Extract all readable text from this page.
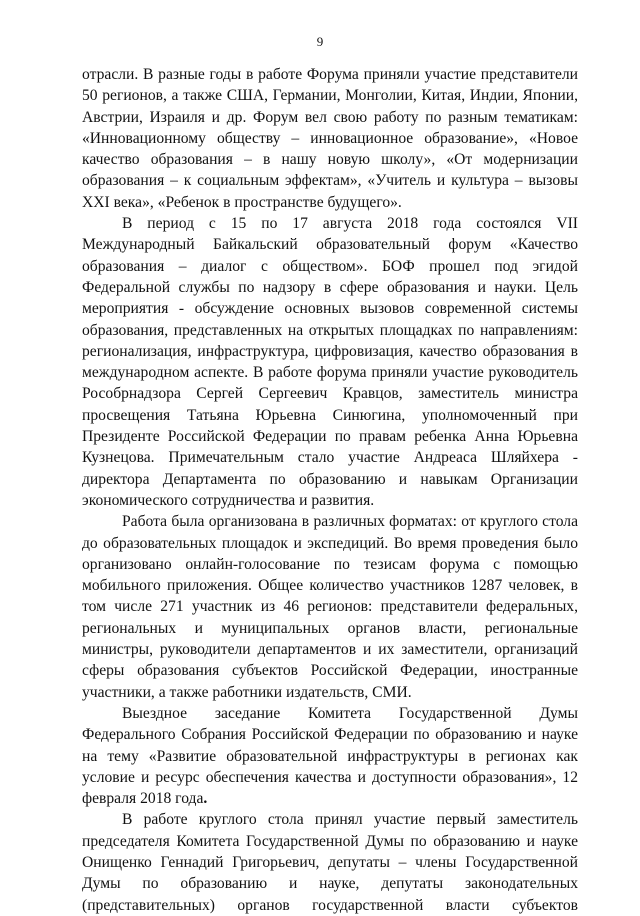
9

отрасли. В разные годы в работе Форума приняли участие представители 50 регионов, а также США, Германии, Монголии, Китая, Индии, Японии, Австрии, Израиля и др. Форум вел свою работу по разным тематикам: «Инновационному обществу – инновационное образование», «Новое качество образования – в нашу новую школу», «От модернизации образования – к социальным эффектам», «Учитель и культура – вызовы XXI века», «Ребенок в пространстве будущего».

В период с 15 по 17 августа 2018 года состоялся VII Международный Байкальский образовательный форум «Качество образования – диалог с обществом». БОФ прошел под эгидой Федеральной службы по надзору в сфере образования и науки. Цель мероприятия - обсуждение основных вызовов современной системы образования, представленных на открытых площадках по направлениям: регионализация, инфраструктура, цифровизация, качество образования в международном аспекте. В работе форума приняли участие руководитель Рособрнадзора Сергей Сергеевич Кравцов, заместитель министра просвещения Татьяна Юрьевна Синюгина, уполномоченный при Президенте Российской Федерации по правам ребенка Анна Юрьевна Кузнецова. Примечательным стало участие Андреаса Шляйхера - директора Департамента по образованию и навыкам Организации экономического сотрудничества и развития.

Работа была организована в различных форматах: от круглого стола до образовательных площадок и экспедиций. Во время проведения было организовано онлайн-голосование по тезисам форума с помощью мобильного приложения. Общее количество участников 1287 человек, в том числе 271 участник из 46 регионов: представители федеральных, региональных и муниципальных органов власти, региональные министры, руководители департаментов и их заместители, организаций сферы образования субъектов Российской Федерации, иностранные участники, а также работники издательств, СМИ.

Выездное заседание Комитета Государственной Думы Федерального Собрания Российской Федерации по образованию и науке на тему «Развитие образовательной инфраструктуры в регионах как условие и ресурс обеспечения качества и доступности образования», 12 февраля 2018 года.

В работе круглого стола принял участие первый заместитель председателя Комитета Государственной Думы по образованию и науке Онищенко Геннадий Григорьевич, депутаты – члены Государственной Думы по образованию и науке, депутаты законодательных (представительных) органов государственной власти субъектов
